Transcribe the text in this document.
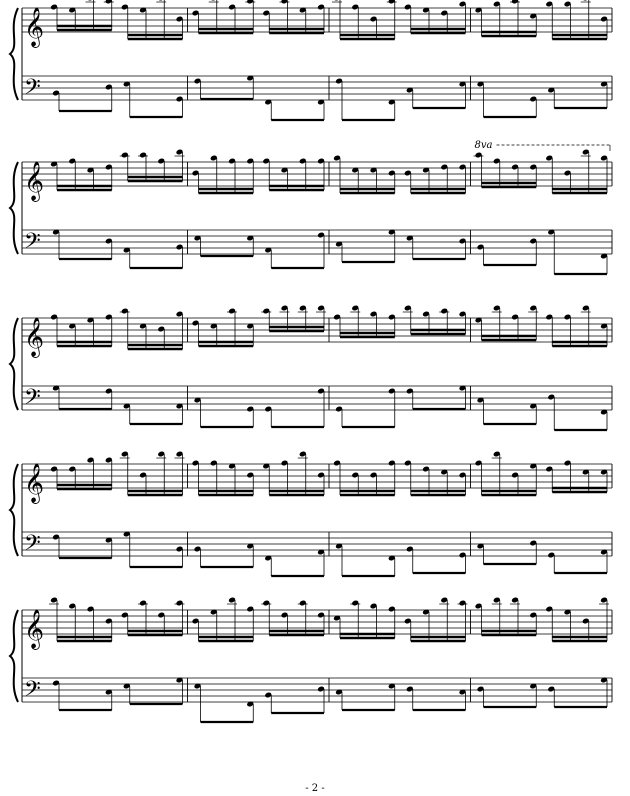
𝄞
𝄢
𝄞
𝄢
8va
𝄞
𝄢
𝄞
𝄢
𝄞
𝄢
- 2 -
